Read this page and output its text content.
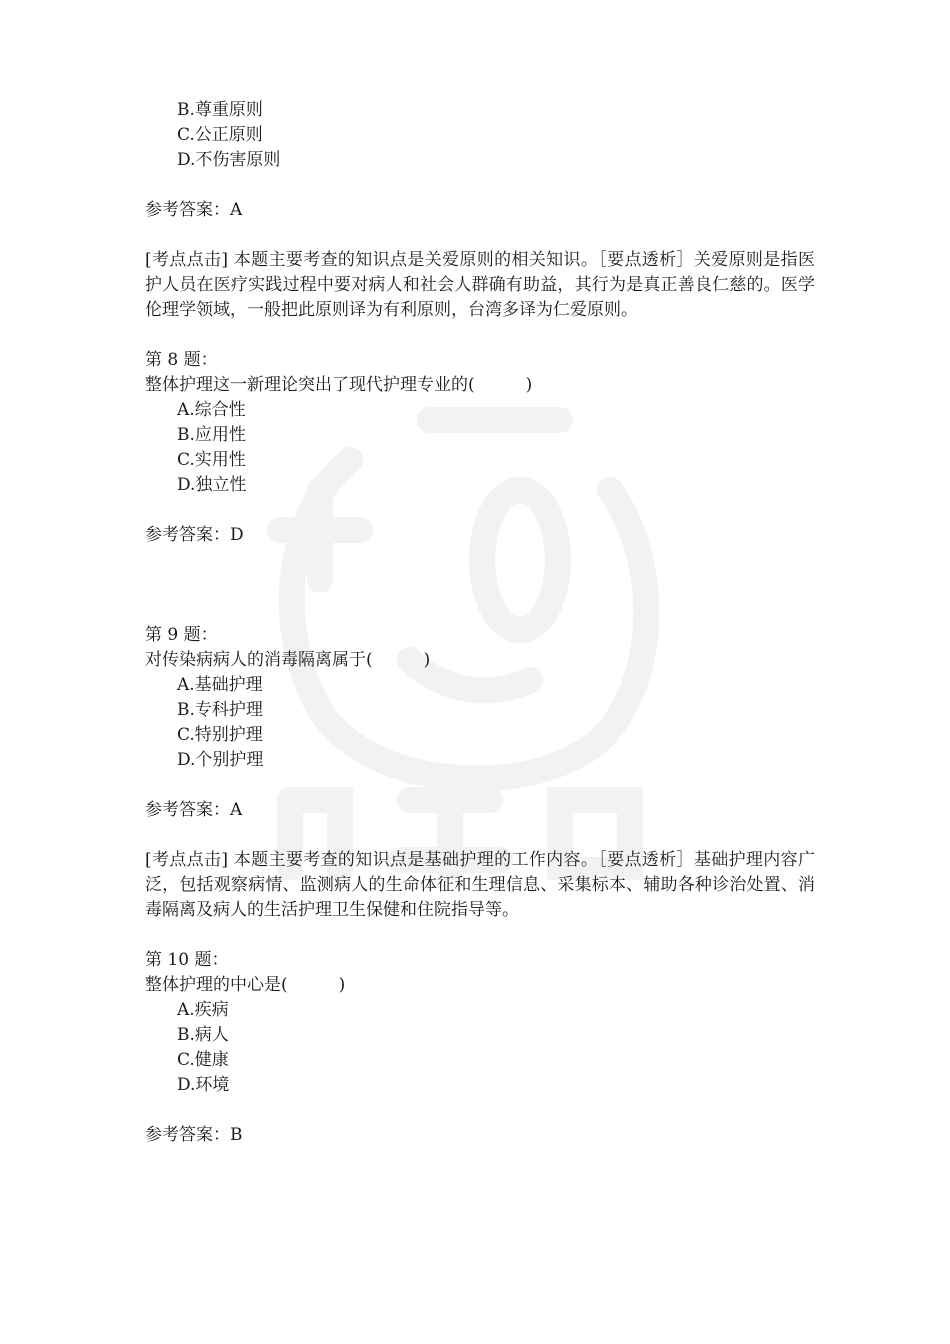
B.尊重原则

C.公正原则

D.不伤害原则

参考答案：A

[考点点击] 本题主要考查的知识点是关爱原则的相关知识。［要点透析］关爱原则是指医护人员在医疗实践过程中要对病人和社会人群确有助益，其行为是真正善良仁慈的。医学伦理学领域，一般把此原则译为有利原则，台湾多译为仁爱原则。

第 8 题：

整体护理这一新理论突出了现代护理专业的(　　　)

A.综合性

B.应用性

C.实用性

D.独立性

参考答案：D

第 9 题：

对传染病病人的消毒隔离属于(　　　)

A.基础护理

B.专科护理

C.特别护理

D.个别护理

参考答案：A

[考点点击] 本题主要考查的知识点是基础护理的工作内容。［要点透析］基础护理内容广泛，包括观察病情、监测病人的生命体征和生理信息、采集标本、辅助各种诊治处置、消毒隔离及病人的生活护理卫生保健和住院指导等。

第 10 题：

整体护理的中心是(　　　)

A.疾病

B.病人

C.健康

D.环境

参考答案：B
